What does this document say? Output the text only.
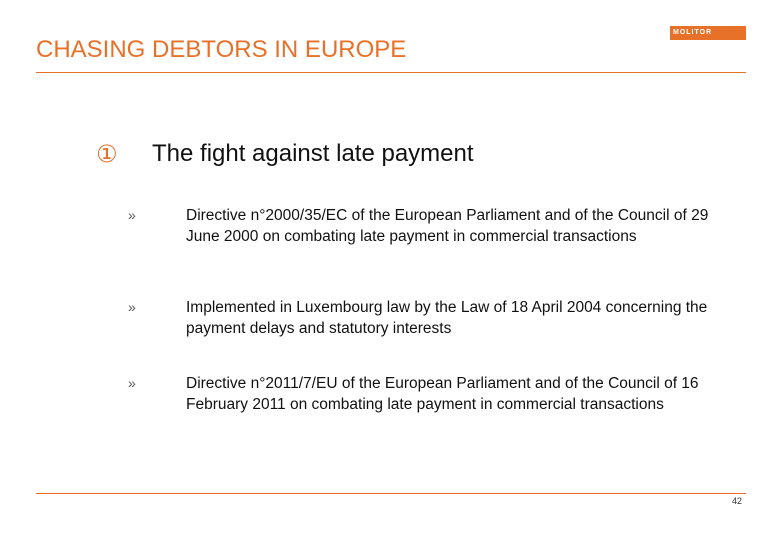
CHASING DEBTORS IN EUROPE
MOLITOR
①	The fight against late payment
»	Directive n°2000/35/EC of the European Parliament and of the Council of 29 June 2000 on combating late payment in commercial transactions
»	Implemented in Luxembourg law by the Law of 18 April 2004 concerning the payment delays and statutory interests
»	Directive n°2011/7/EU of the European Parliament and of the Council of 16 February 2011 on combating late payment in commercial transactions
42
